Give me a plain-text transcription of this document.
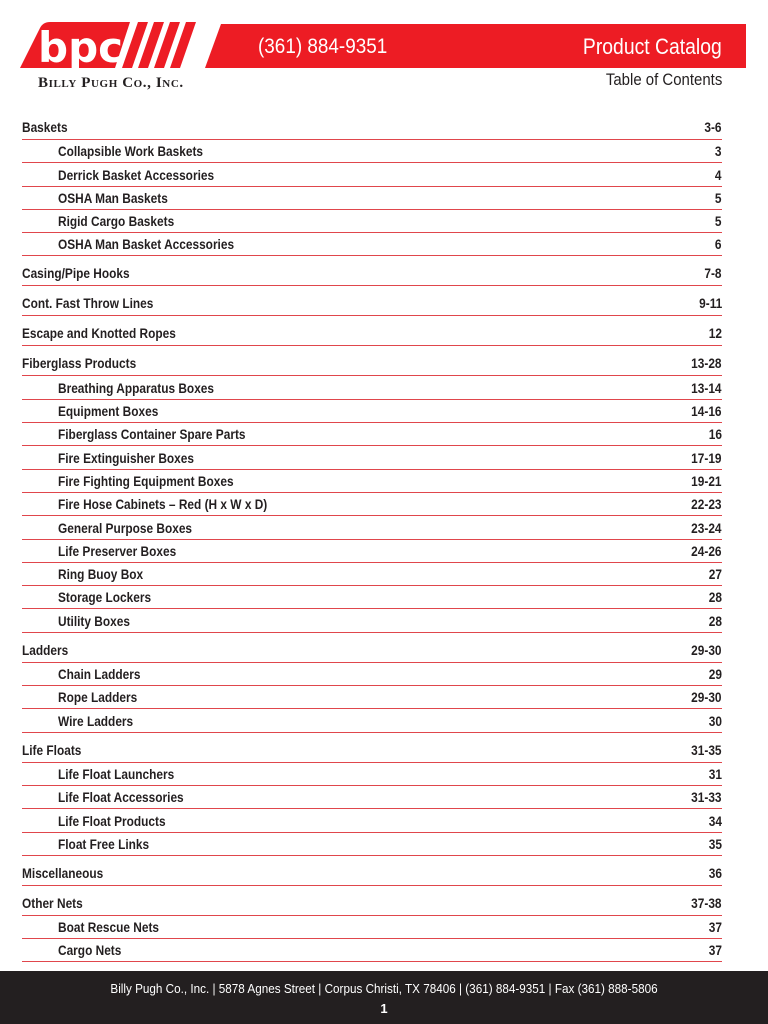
bpc
Billy Pugh Co., Inc.
(361) 884-9351	Product Catalog
Table of Contents
Baskets	3-6
Collapsible Work Baskets	3
Derrick Basket Accessories	4
OSHA Man Baskets	5
Rigid Cargo Baskets	5
OSHA Man Basket Accessories	6
Casing/Pipe Hooks	7-8
Cont. Fast Throw Lines	9-11
Escape and Knotted Ropes	12
Fiberglass Products	13-28
Breathing Apparatus Boxes	13-14
Equipment Boxes	14-16
Fiberglass Container Spare Parts	16
Fire Extinguisher Boxes	17-19
Fire Fighting Equipment Boxes	19-21
Fire Hose Cabinets – Red (H x W x D)	22-23
General Purpose Boxes	23-24
Life Preserver Boxes	24-26
Ring Buoy Box	27
Storage Lockers	28
Utility Boxes	28
Ladders	29-30
Chain Ladders	29
Rope Ladders	29-30
Wire Ladders	30
Life Floats	31-35
Life Float Launchers	31
Life Float Accessories	31-33
Life Float Products	34
Float Free Links	35
Miscellaneous	36
Other Nets	37-38
Boat Rescue Nets	37
Cargo Nets	37
Billy Pugh Co., Inc. | 5878 Agnes Street | Corpus Christi, TX 78406 | (361) 884-9351 | Fax (361) 888-5806
1
